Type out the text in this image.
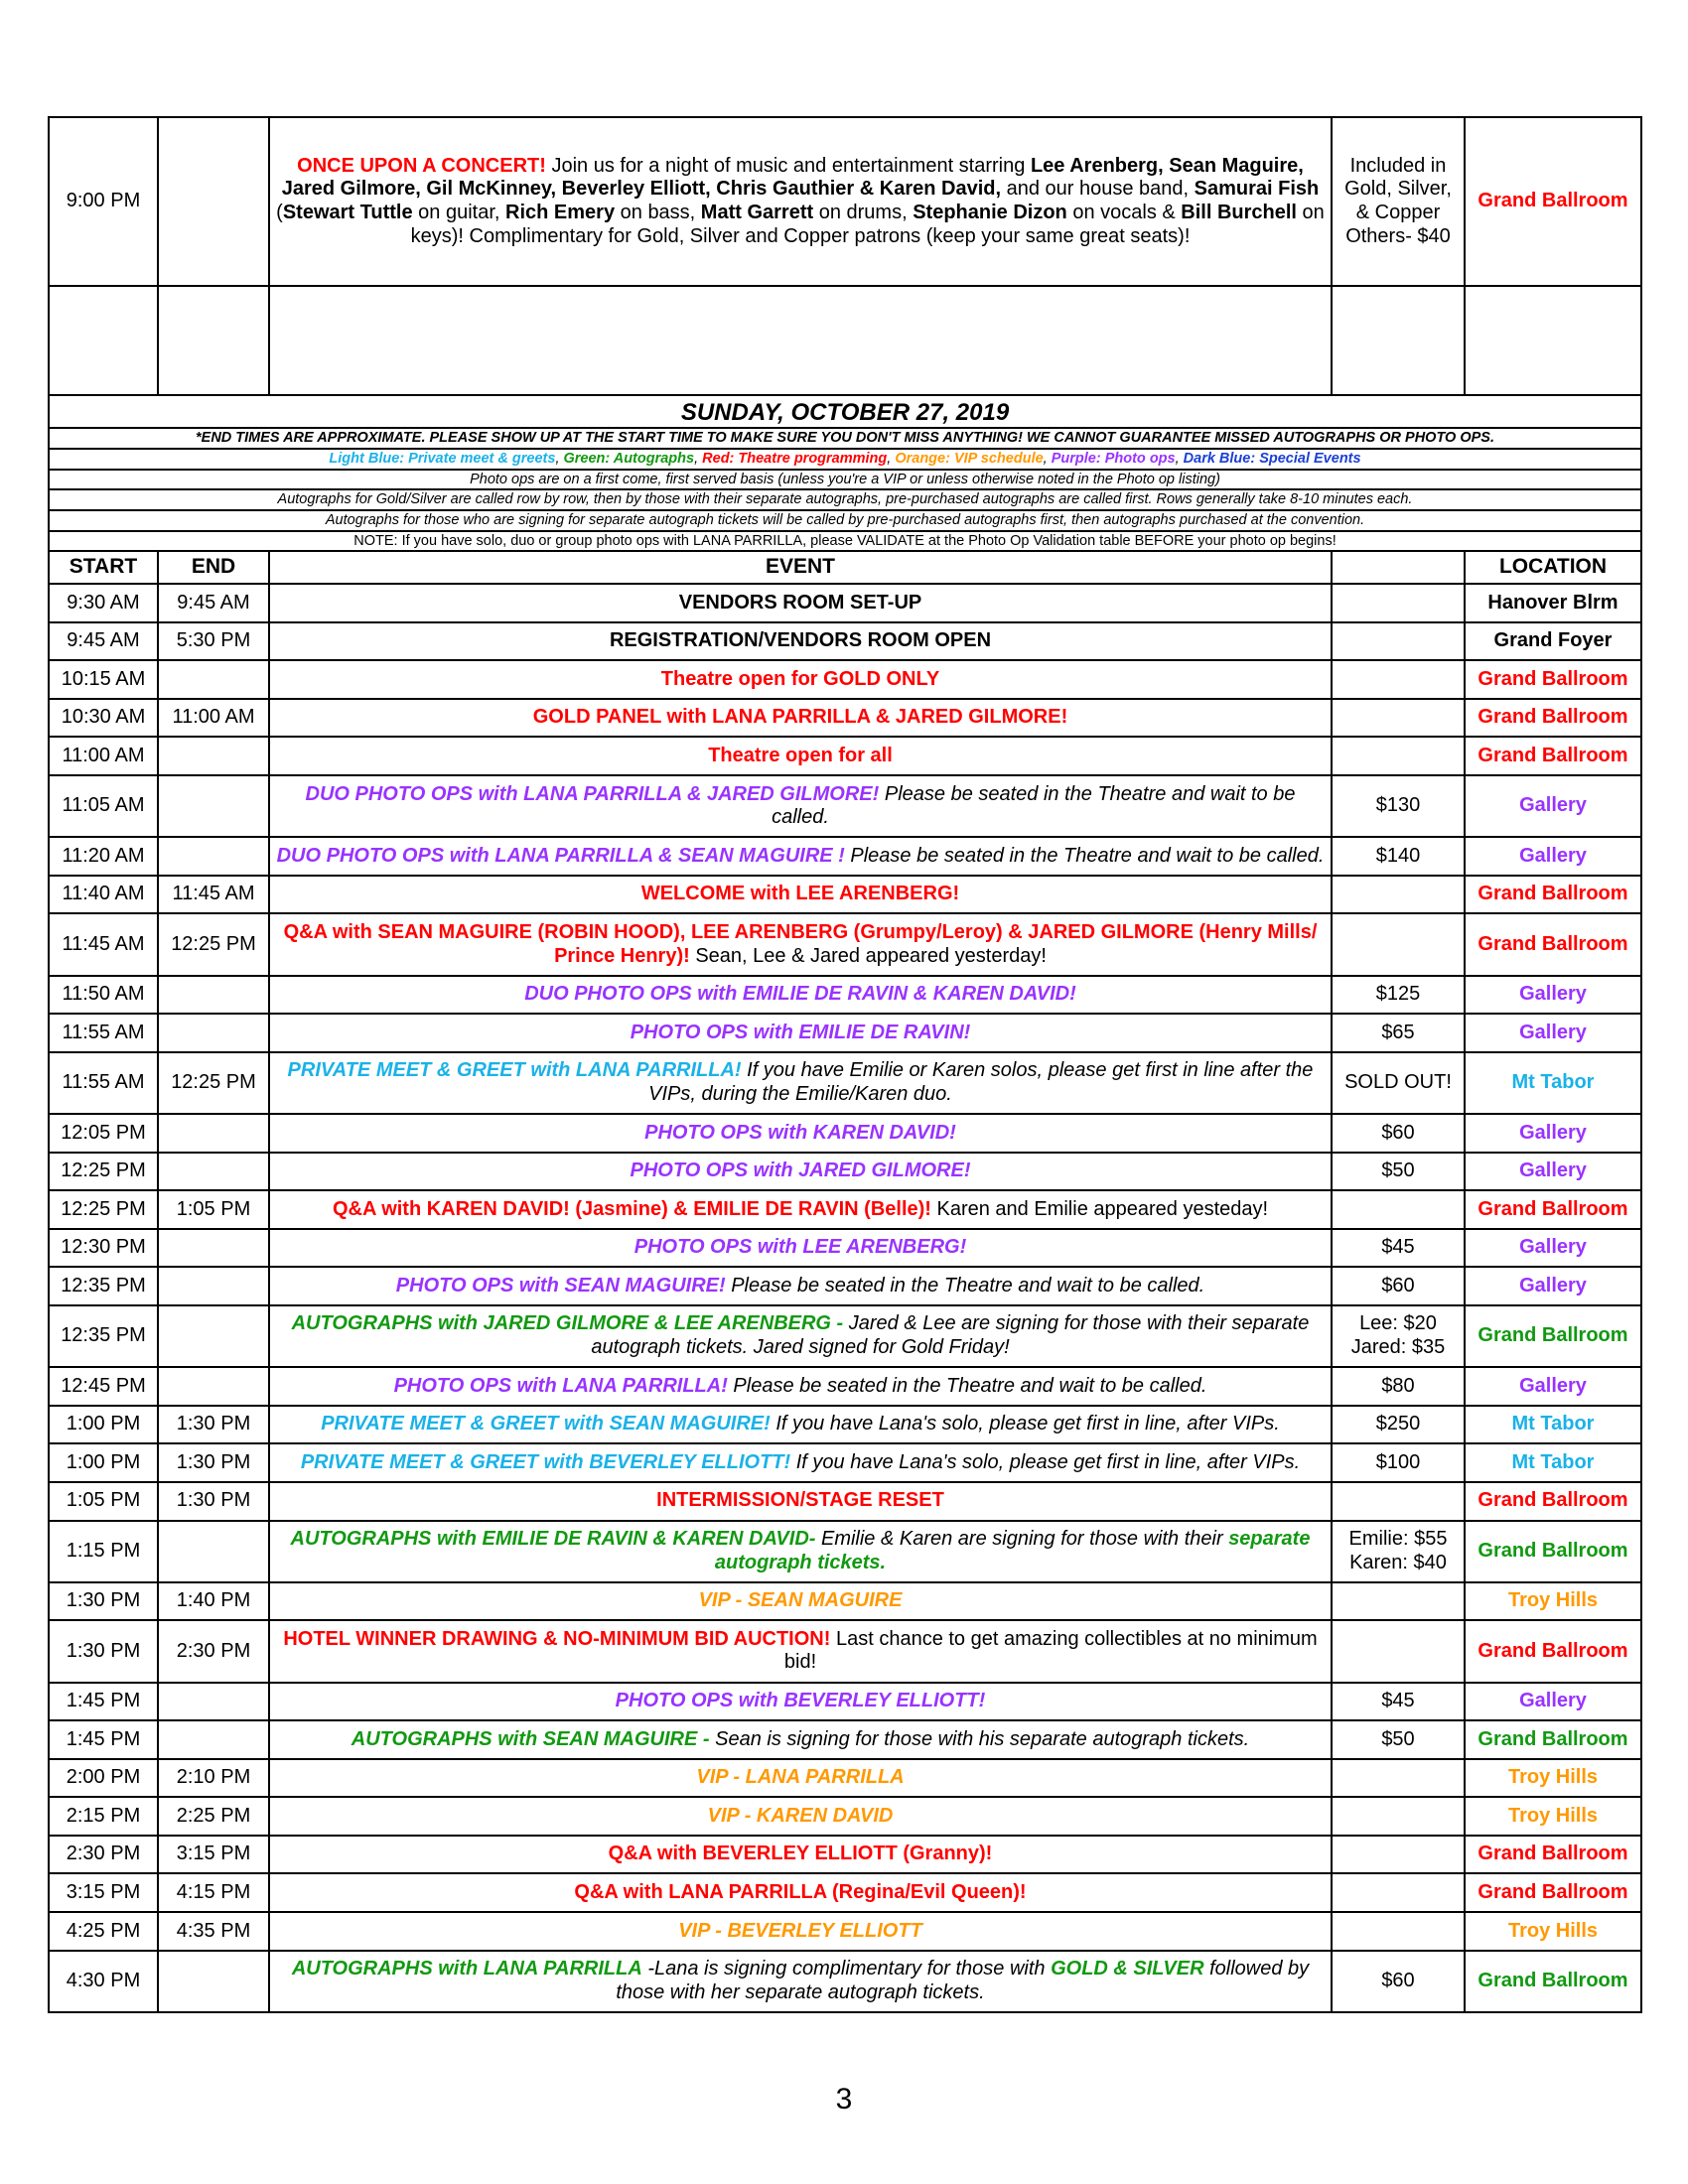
9:00 PM		ONCE UPON A CONCERT! Join us for a night of music and entertainment starring Lee Arenberg, Sean Maguire, Jared Gilmore, Gil McKinney, Beverley Elliott, Chris Gauthier & Karen David, and our house band, Samurai Fish (Stewart Tuttle on guitar, Rich Emery on bass, Matt Garrett on drums, Stephanie Dizon on vocals & Bill Burchell on keys)! Complimentary for Gold, Silver and Copper patrons (keep your same great seats)!	Included in Gold, Silver, & Copper Others- $40	Grand Ballroom

SUNDAY, OCTOBER 27, 2019				
*END TIMES ARE APPROXIMATE. PLEASE SHOW UP AT THE START TIME TO MAKE SURE YOU DON'T MISS ANYTHING! WE CANNOT GUARANTEE MISSED AUTOGRAPHS OR PHOTO OPS.				
Light Blue: Private meet & greets, Green: Autographs, Red: Theatre programming, Orange: VIP schedule, Purple: Photo ops, Dark Blue: Special Events				
Photo ops are on a first come, first served basis (unless you're a VIP or unless otherwise noted in the Photo op listing)				
Autographs for Gold/Silver are called row by row, then by those with their separate autographs, pre-purchased autographs are called first. Rows generally take 8-10 minutes each.				
Autographs for those who are signing for separate autograph tickets will be called by pre-purchased autographs first, then autographs purchased at the convention.				
NOTE: If you have solo, duo or group photo ops with LANA PARRILLA, please VALIDATE at the Photo Op Validation table BEFORE your photo op begins!				
START	END	EVENT		LOCATION
9:30 AM	9:45 AM	VENDORS ROOM SET-UP		Hanover Blrm
9:45 AM	5:30 PM	REGISTRATION/VENDORS ROOM OPEN		Grand Foyer
10:15 AM		Theatre open for GOLD ONLY		Grand Ballroom
10:30 AM	11:00 AM	GOLD PANEL with LANA PARRILLA & JARED GILMORE!		Grand Ballroom
11:00 AM		Theatre open for all		Grand Ballroom
11:05 AM		DUO PHOTO OPS with LANA PARRILLA & JARED GILMORE! Please be seated in the Theatre and wait to be called.	$130	Gallery
11:20 AM		DUO PHOTO OPS with LANA PARRILLA & SEAN MAGUIRE ! Please be seated in the Theatre and wait to be called.	$140	Gallery
11:40 AM	11:45 AM	WELCOME with LEE ARENBERG!		Grand Ballroom
11:45 AM	12:25 PM	Q&A with SEAN MAGUIRE (ROBIN HOOD), LEE ARENBERG (Grumpy/Leroy) & JARED GILMORE (Henry Mills/ Prince Henry)! Sean, Lee & Jared appeared yesterday!		Grand Ballroom
11:50 AM		DUO PHOTO OPS with EMILIE DE RAVIN & KAREN DAVID!	$125	Gallery
11:55 AM		PHOTO OPS with EMILIE DE RAVIN!	$65	Gallery
11:55 AM	12:25 PM	PRIVATE MEET & GREET with LANA PARRILLA! If you have Emilie or Karen solos, please get first in line after the VIPs, during the Emilie/Karen duo.	SOLD OUT!	Mt Tabor
12:05 PM		PHOTO OPS with KAREN DAVID!	$60	Gallery
12:25 PM		PHOTO OPS with JARED GILMORE!	$50	Gallery
12:25 PM	1:05 PM	Q&A with KAREN DAVID! (Jasmine) & EMILIE DE RAVIN (Belle)! Karen and Emilie appeared yesteday!		Grand Ballroom
12:30 PM		PHOTO OPS with LEE ARENBERG!	$45	Gallery
12:35 PM		PHOTO OPS with SEAN MAGUIRE! Please be seated in the Theatre and wait to be called.	$60	Gallery
12:35 PM		AUTOGRAPHS with JARED GILMORE & LEE ARENBERG - Jared & Lee are signing for those with their separate autograph tickets. Jared signed for Gold Friday!	Lee: $20 Jared: $35	Grand Ballroom
12:45 PM		PHOTO OPS with LANA PARRILLA! Please be seated in the Theatre and wait to be called.	$80	Gallery
1:00 PM	1:30 PM	PRIVATE MEET & GREET with SEAN MAGUIRE! If you have Lana's solo, please get first in line, after VIPs.	$250	Mt Tabor
1:00 PM	1:30 PM	PRIVATE MEET & GREET with BEVERLEY ELLIOTT! If you have Lana's solo, please get first in line, after VIPs.	$100	Mt Tabor
1:05 PM	1:30 PM	INTERMISSION/STAGE RESET		Grand Ballroom
1:15 PM		AUTOGRAPHS with EMILIE DE RAVIN & KAREN DAVID- Emilie & Karen are signing for those with their separate autograph tickets.	Emilie: $55 Karen: $40	Grand Ballroom
1:30 PM	1:40 PM	VIP - SEAN MAGUIRE		Troy Hills
1:30 PM	2:30 PM	HOTEL WINNER DRAWING & NO-MINIMUM BID AUCTION! Last chance to get amazing collectibles at no minimum bid!		Grand Ballroom
1:45 PM		PHOTO OPS with BEVERLEY ELLIOTT!	$45	Gallery
1:45 PM		AUTOGRAPHS with SEAN MAGUIRE - Sean is signing for those with his separate autograph tickets.	$50	Grand Ballroom
2:00 PM	2:10 PM	VIP - LANA PARRILLA		Troy Hills
2:15 PM	2:25 PM	VIP - KAREN DAVID		Troy Hills
2:30 PM	3:15 PM	Q&A with BEVERLEY ELLIOTT (Granny)!		Grand Ballroom
3:15 PM	4:15 PM	Q&A with LANA PARRILLA (Regina/Evil Queen)!		Grand Ballroom
4:25 PM	4:35 PM	VIP - BEVERLEY ELLIOTT		Troy Hills
4:30 PM		AUTOGRAPHS with LANA PARRILLA -Lana is signing complimentary for those with GOLD & SILVER followed by those with her separate autograph tickets.	$60	Grand Ballroom
3
